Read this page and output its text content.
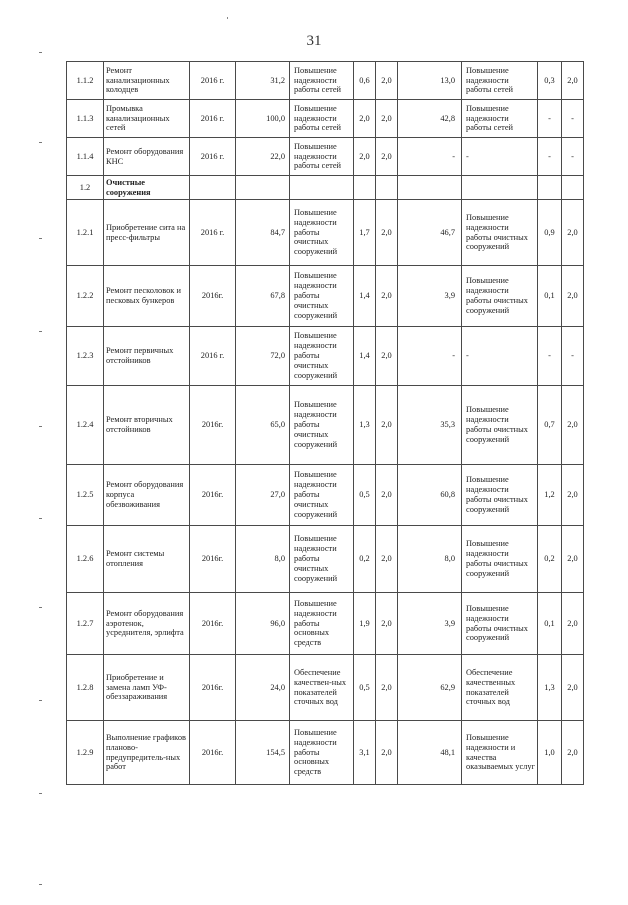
31
1.1.2	Ремонт канализационных колодцев	2016 г.	31,2	Повышение надежности работы сетей	0,6	2,0	13,0	Повышение надежности работы сетей	0,3	2,0
1.1.3	Промывка канализационных сетей	2016 г.	100,0	Повышение надежности работы сетей	2,0	2,0	42,8	Повышение надежности работы сетей	-	-
1.1.4	Ремонт оборудования КНС	2016 г.	22,0	Повышение надежности работы сетей	2,0	2,0	-	-	-	-
1.2	Очистные сооружения									
1.2.1	Приобретение сита на пресс-фильтры	2016 г.	84,7	Повышение надежности работы очистных сооружений	1,7	2,0	46,7	Повышение надежности работы очистных сооружений	0,9	2,0
1.2.2	Ремонт песколовок и песковых бункеров	2016г.	67,8	Повышение надежности работы очистных сооружений	1,4	2,0	3,9	Повышение надежности работы очистных сооружений	0,1	2,0
1.2.3	Ремонт первичных отстойников	2016 г.	72,0	Повышение надежности работы очистных сооружений	1,4	2,0	-	-	-	-
1.2.4	Ремонт вторичных отстойников	2016г.	65,0	Повышение надежности работы очистных сооружений	1,3	2,0	35,3	Повышение надежности работы очистных сооружений	0,7	2,0
1.2.5	Ремонт оборудования корпуса обезвоживания	2016г.	27,0	Повышение надежности работы очистных сооружений	0,5	2,0	60,8	Повышение надежности работы очистных сооружений	1,2	2,0
1.2.6	Ремонт системы отопления	2016г.	8,0	Повышение надежности работы очистных сооружений	0,2	2,0	8,0	Повышение надежности работы очистных сооружений	0,2	2,0
1.2.7	Ремонт оборудования аэротенок, усреднителя, эрлифта	2016г.	96,0	Повышение надежности работы основных средств	1,9	2,0	3,9	Повышение надежности работы очистных сооружений	0,1	2,0
1.2.8	Приобретение и замена ламп УФ-обеззараживания	2016г.	24,0	Обеспечение качествен-ных показателей сточных вод	0,5	2,0	62,9	Обеспечение качественных показателей сточных вод	1,3	2,0
1.2.9	Выполнение графиков планово-предупредитель-ных работ	2016г.	154,5	Повышение надежности работы основных средств	3,1	2,0	48,1	Повышение надежности и качества оказываемых услуг	1,0	2,0
